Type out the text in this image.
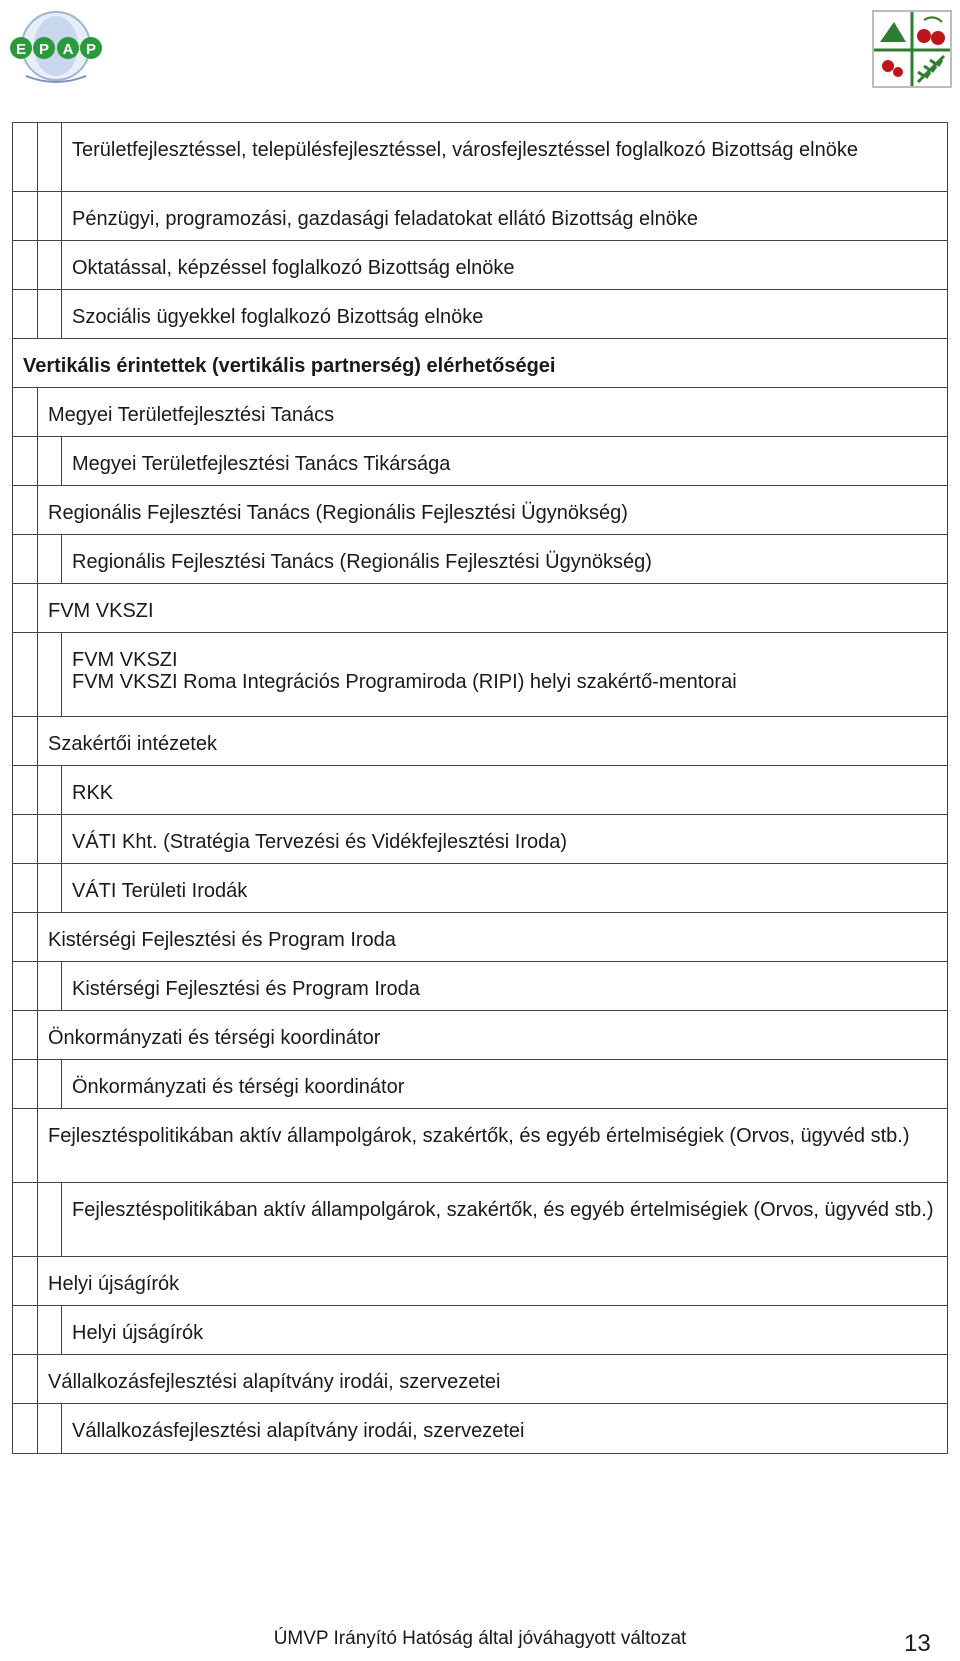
E P A P
Területfejlesztéssel, településfejlesztéssel, városfejlesztéssel foglalkozó Bizottság elnöke
Pénzügyi, programozási, gazdasági feladatokat ellátó Bizottság elnöke
Oktatással, képzéssel foglalkozó Bizottság elnöke
Szociális ügyekkel foglalkozó Bizottság elnöke
Vertikális érintettek (vertikális partnerség) elérhetőségei
Megyei Területfejlesztési Tanács
Megyei Területfejlesztési Tanács Tikársága
Regionális Fejlesztési Tanács (Regionális Fejlesztési Ügynökség)
Regionális Fejlesztési Tanács (Regionális Fejlesztési Ügynökség)
FVM VKSZI
FVM VKSZI
FVM VKSZI Roma Integrációs Programiroda (RIPI) helyi szakértő-mentorai
Szakértői intézetek
RKK
VÁTI Kht. (Stratégia Tervezési és Vidékfejlesztési Iroda)
VÁTI Területi Irodák
Kistérségi Fejlesztési és Program Iroda
Kistérségi Fejlesztési és Program Iroda
Önkormányzati és térségi koordinátor
Önkormányzati és térségi koordinátor
Fejlesztéspolitikában aktív állampolgárok, szakértők, és egyéb értelmiségiek (Orvos, ügyvéd stb.)
Fejlesztéspolitikában aktív állampolgárok, szakértők, és egyéb értelmiségiek (Orvos, ügyvéd stb.)
Helyi újságírók
Helyi újságírók
Vállalkozásfejlesztési alapítvány irodái, szervezetei
Vállalkozásfejlesztési alapítvány irodái, szervezetei
ÚMVP Irányító Hatóság által jóváhagyott változat	13
